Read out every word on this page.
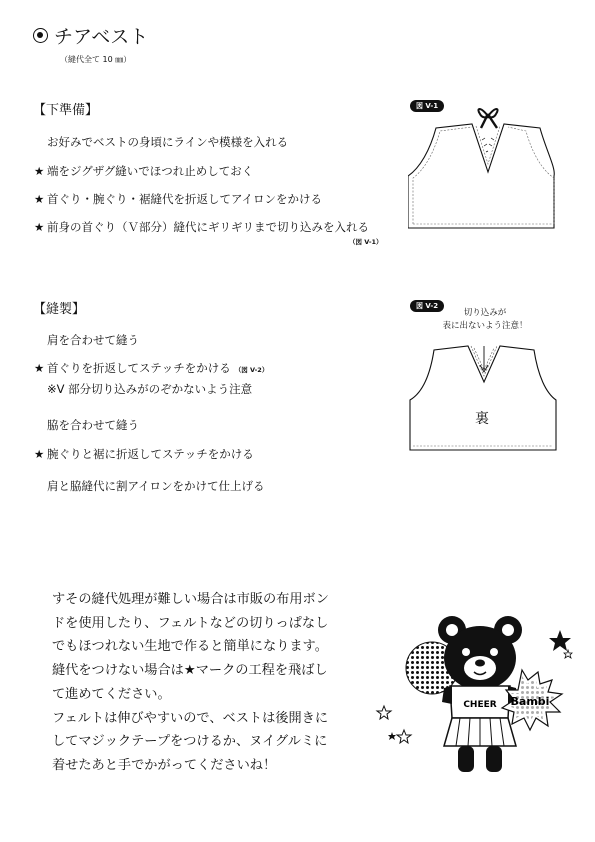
チアベスト
（縫代全て 10 ㎜）
【下準備】
お好みでベストの身頃にラインや模様を入れる
★ 端をジグザグ縫いでほつれ止めしておく
★ 首ぐり・腕ぐり・裾縫代を折返してアイロンをかける
★ 前身の首ぐり（Ｖ部分）縫代にギリギリまで切り込みを入れる
（図 V-1）
【縫製】
肩を合わせて縫う
★ 首ぐりを折返してステッチをかける （図 V-2）
※V 部分切り込みがのぞかないよう注意
脇を合わせて縫う
★ 腕ぐりと裾に折返してステッチをかける
肩と脇縫代に割アイロンをかけて仕上げる
図 V-1
図 V-2
切り込みが
表に出ないよう注意！
裏

すその縫代処理が難しい場合は市販の布用ボン

ドを使用したり、フェルトなどの切りっぱなし

でもほつれない生地で作ると簡単になります。

縫代をつけない場合は★マークの工程を飛ばし

て進めてください。

フェルトは伸びやすいので、ベストは後開きに

してマジックテープをつけるか、ヌイグルミに

着せたあと手でかがってくださいね！

CHEER Bambi
